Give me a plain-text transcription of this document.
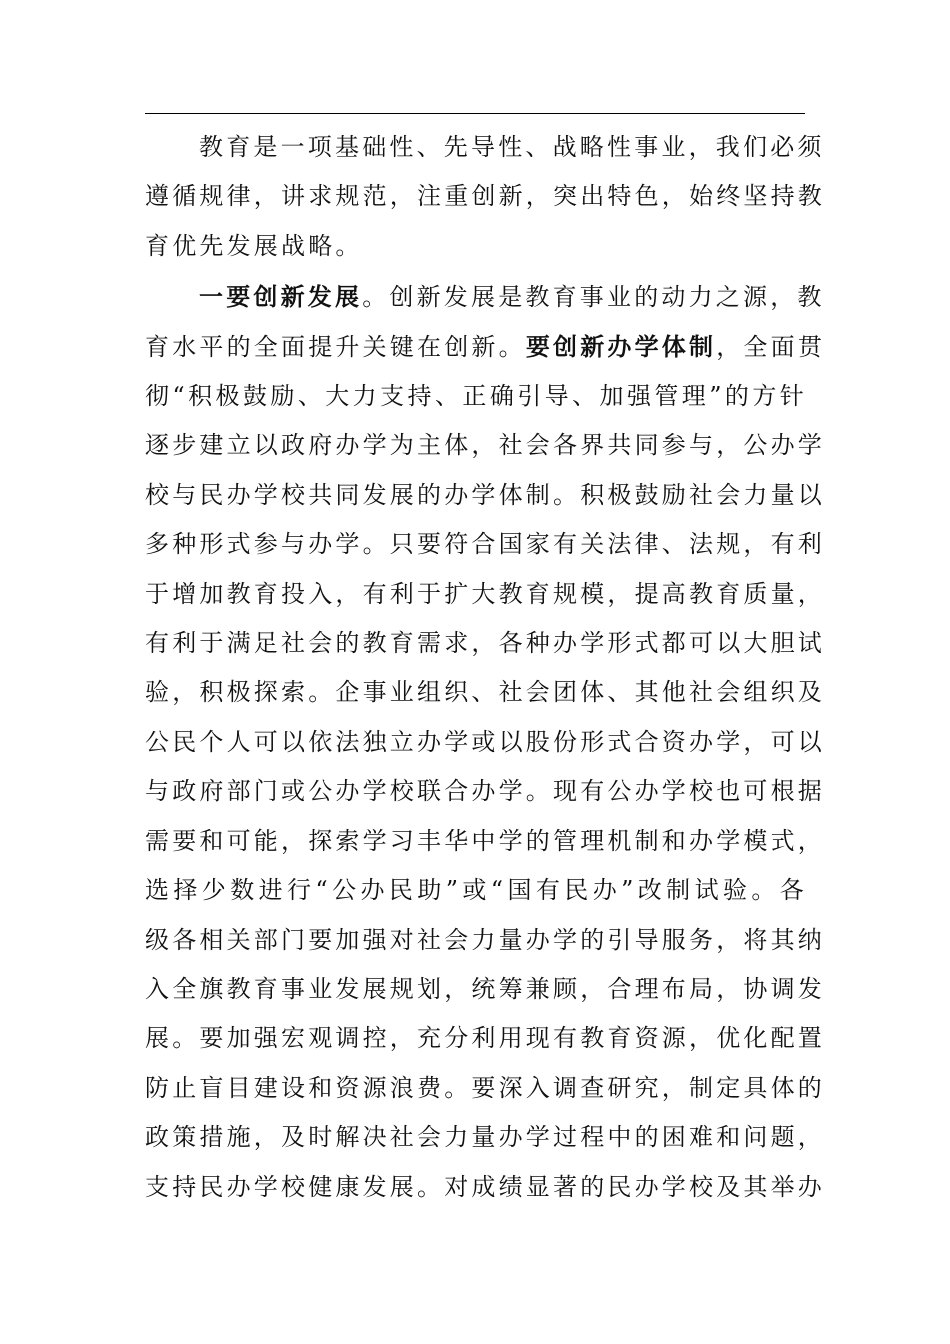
教育是一项基础性、先导性、战略性事业，我们必须
遵循规律，讲求规范，注重创新，突出特色，始终坚持教
育优先发展战略。
一要创新发展。创新发展是教育事业的动力之源，教
育水平的全面提升关键在创新。要创新办学体制，全面贯
彻“积极鼓励、大力支持、正确引导、加强管理”的方针
逐步建立以政府办学为主体，社会各界共同参与，公办学
校与民办学校共同发展的办学体制。积极鼓励社会力量以
多种形式参与办学。只要符合国家有关法律、法规，有利
于增加教育投入，有利于扩大教育规模，提高教育质量，
有利于满足社会的教育需求，各种办学形式都可以大胆试
验，积极探索。企事业组织、社会团体、其他社会组织及
公民个人可以依法独立办学或以股份形式合资办学，可以
与政府部门或公办学校联合办学。现有公办学校也可根据
需要和可能，探索学习丰华中学的管理机制和办学模式，
选择少数进行“公办民助”或“国有民办”改制试验。各
级各相关部门要加强对社会力量办学的引导服务，将其纳
入全旗教育事业发展规划，统筹兼顾，合理布局，协调发
展。要加强宏观调控，充分利用现有教育资源，优化配置
防止盲目建设和资源浪费。要深入调查研究，制定具体的
政策措施，及时解决社会力量办学过程中的困难和问题，
支持民办学校健康发展。对成绩显著的民办学校及其举办
